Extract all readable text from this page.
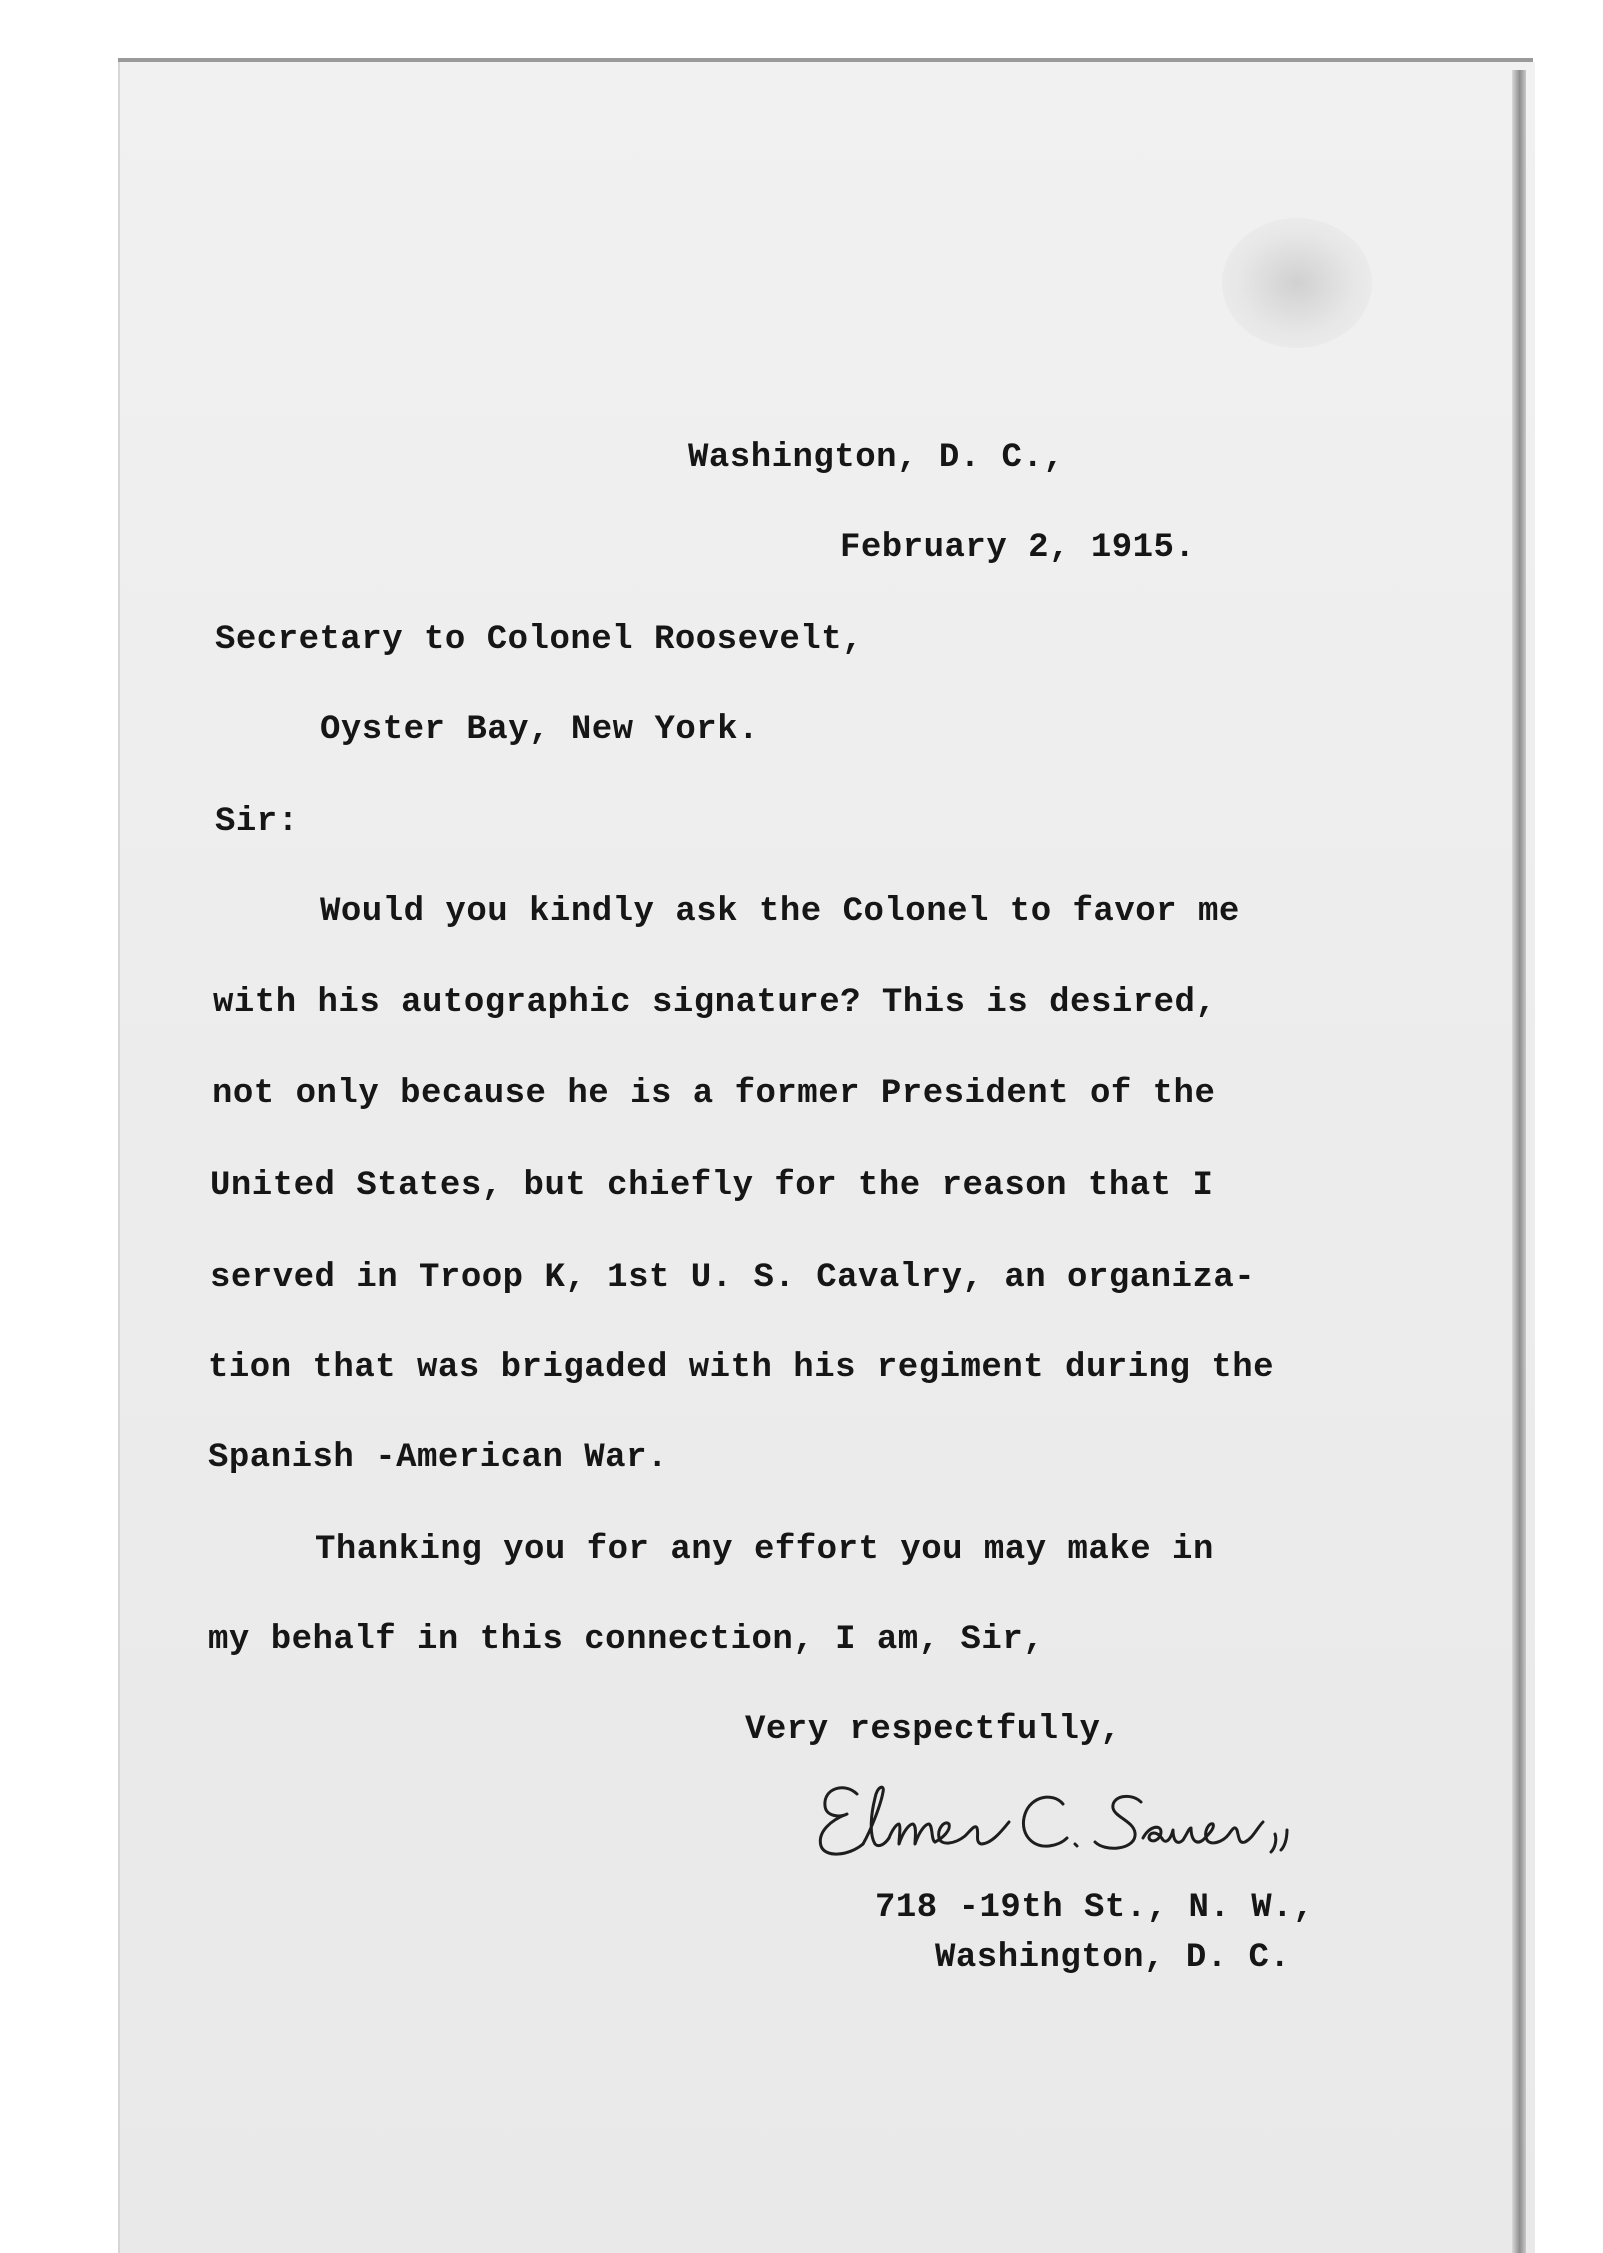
Washington, D. C.,

February 2, 1915.

Secretary to Colonel Roosevelt,

Oyster Bay, New York.

Sir:

Would you kindly ask the Colonel to favor me

with his autographic signature? This is desired,

not only because he is a former President of the

United States, but chiefly for the reason that I

served in Troop K, 1st U. S. Cavalry, an organiza-

tion that was brigaded with his regiment during the

Spanish -American War.

Thanking you for any effort you may make in

my behalf in this connection, I am, Sir,

Very respectfully,

718 -19th St., N. W.,

Washington, D. C.
